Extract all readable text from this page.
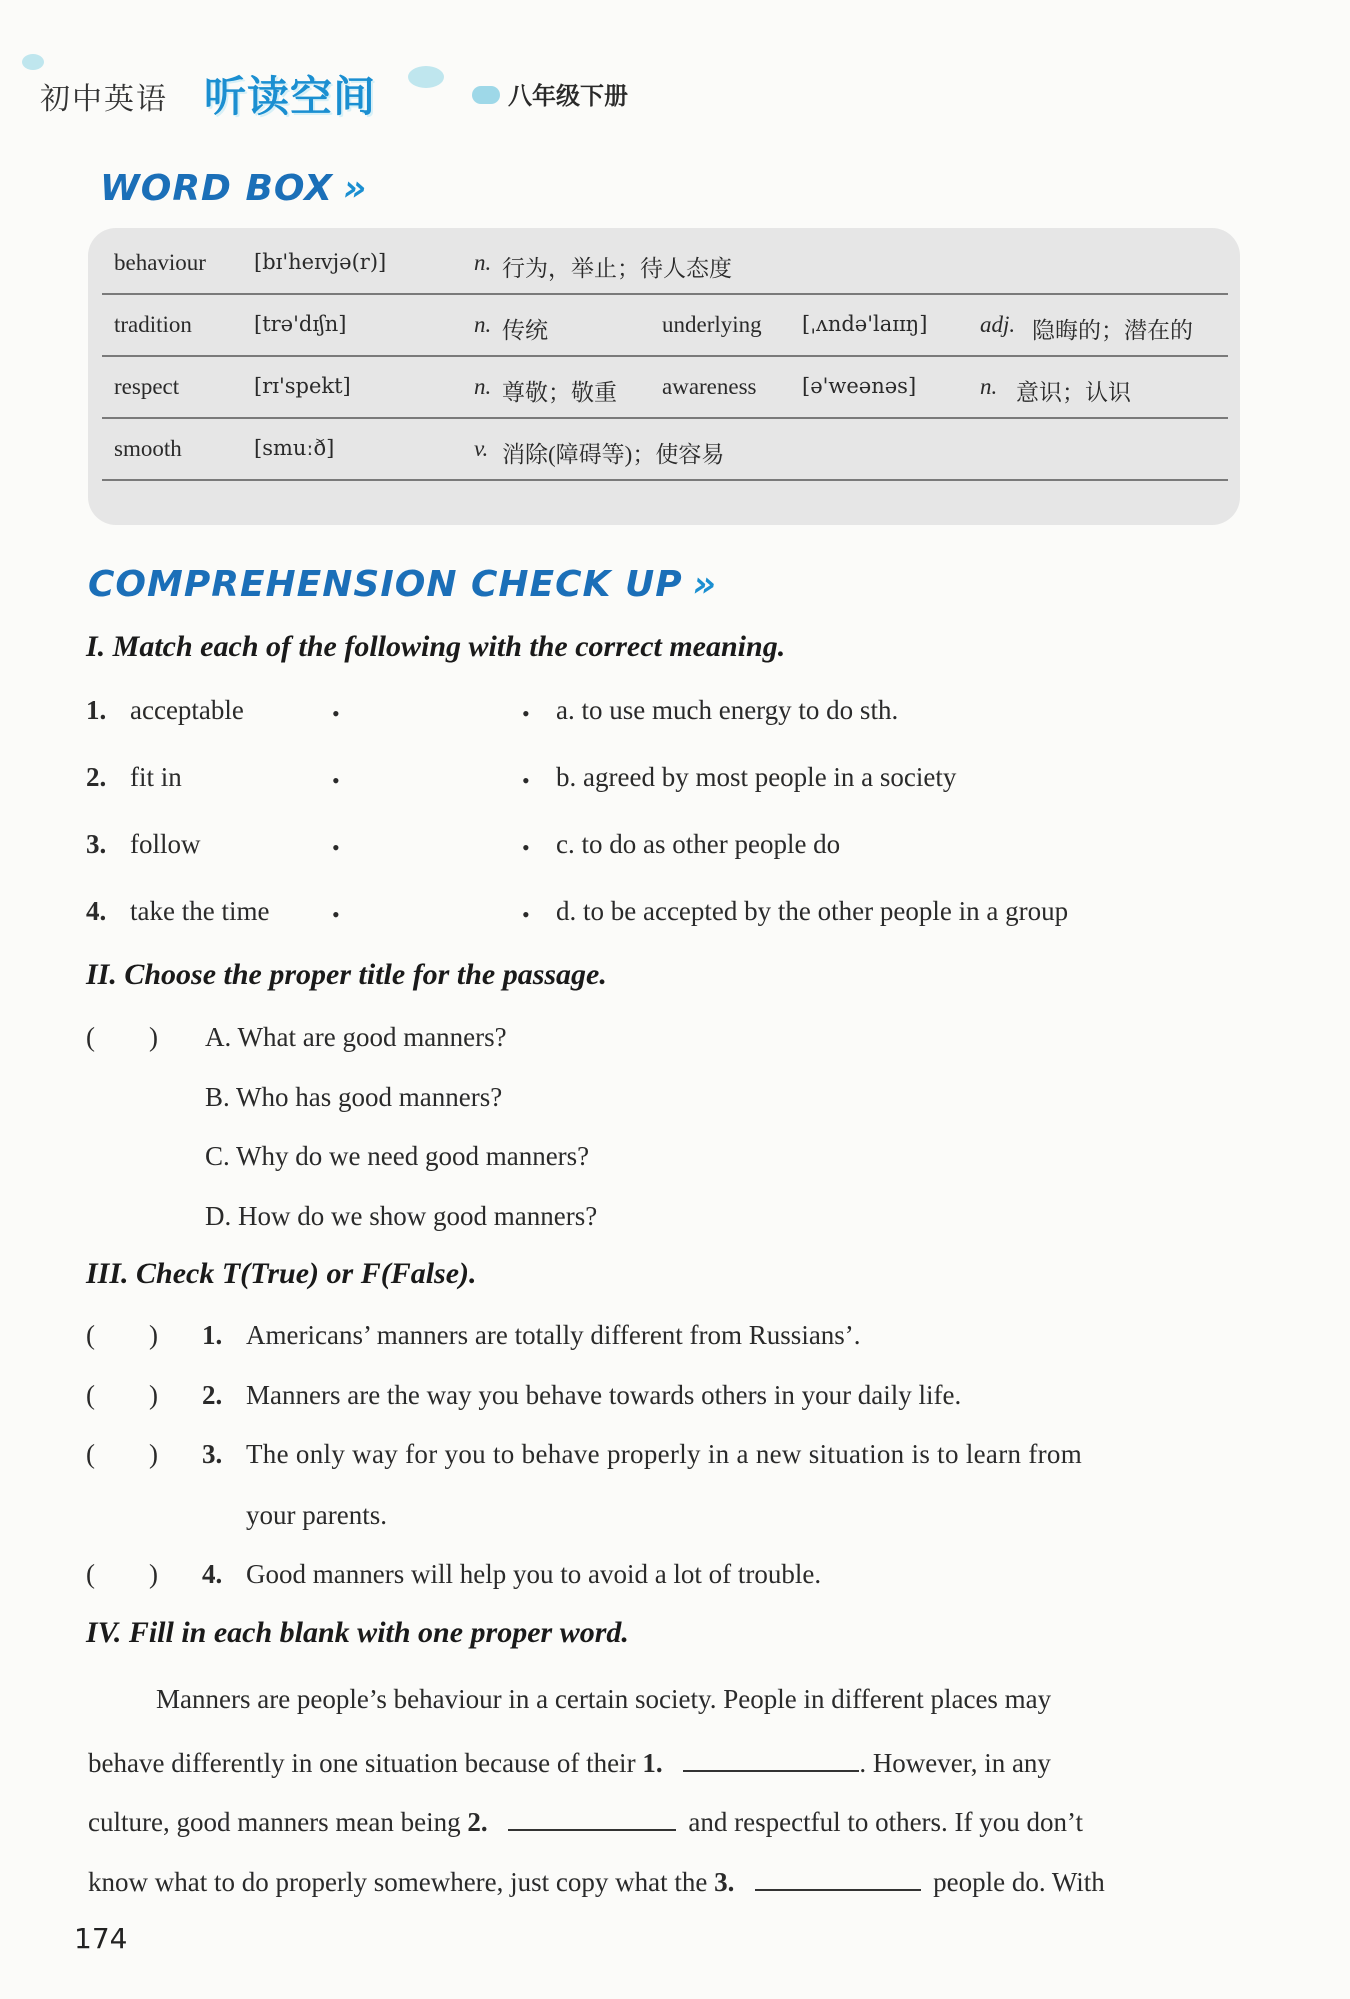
初中英语 听读空间	八年级下册
WORD BOX »
behaviour [bɪ'heɪvjə(r)]	n. 行为，举止；待人态度
tradition	[trə'dɪʃn]	n. 传统	underlying [ˌʌndə'laɪɪŋ] adj. 隐晦的；潜在的
respect	[rɪ'spekt]	n. 尊敬；敬重 awareness [ə'weənəs]	n. 意识；认识
smooth	[smuːð]	v. 消除(障碍等)；使容易
COMPREHENSION CHECK UP »
I. Match each of the following with the correct meaning.
1. acceptable	•	• a. to use much energy to do sth.
2. fit in	•	• b. agreed by most people in a society
3. follow	•	• c. to do as other people do
4. take the time	•	• d. to be accepted by the other people in a group
II. Choose the proper title for the passage.
(        ) A. What are good manners?
B. Who has good manners?
C. Why do we need good manners?
D. How do we show good manners?
III. Check T(True) or F(False).
(        ) 1. Americans’ manners are totally different from Russians’.
(        ) 2. Manners are the way you behave towards others in your daily life.
(        ) 3. The only way for you to behave properly in a new situation is to learn from
your parents.
(        ) 4. Good manners will help you to avoid a lot of trouble.
IV. Fill in each blank with one proper word.
Manners are people’s behaviour in a certain society. People in different places may
behave differently in one situation because of their 1.	. However, in any
culture, good manners mean being 2.	and respectful to others. If you don’t
know what to do properly somewhere, just copy what the 3.	people do. With
174
